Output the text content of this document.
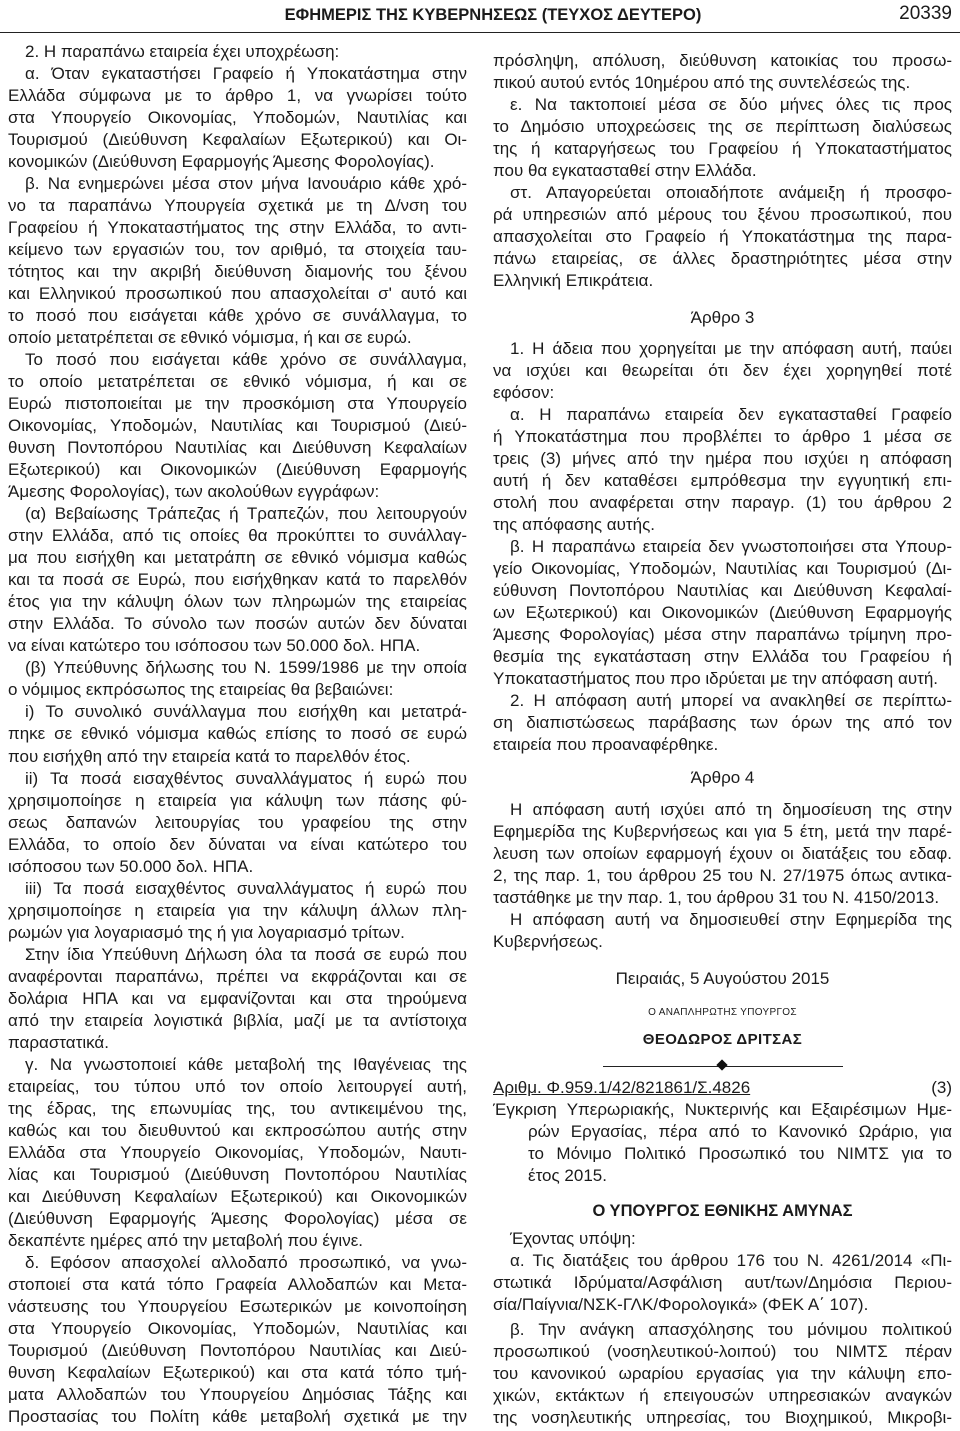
ΕΦΗΜΕΡΙΣ ΤΗΣ ΚΥΒΕΡΝΗΣΕΩΣ (ΤΕΥΧΟΣ ΔΕΥΤΕΡΟ)	20339
2. Η παραπάνω εταιρεία έχει υποχρέωση:
α. Όταν εγκαταστήσει Γραφείο ή Υποκατάστημα στην
Ελλάδα σύμφωνα με το άρθρο 1, να γνωρίσει τούτο
στα Υπουργείο Οικονομίας, Υποδομών, Ναυτιλίας και
Τουρισμού (Διεύθυνση Κεφαλαίων Εξωτερικού) και Οι-
κονομικών (Διεύθυνση Εφαρμογής Άμεσης Φορολογίας).
β. Να ενημερώνει μέσα στον μήνα Ιανουάριο κάθε χρό-
νο τα παραπάνω Υπουργεία σχετικά με τη Δ/νση του
Γραφείου ή Υποκαταστήματος της στην Ελλάδα, το αντι-
κείμενο των εργασιών του, τον αριθμό, τα στοιχεία ταυ-
τότητος και την ακριβή διεύθυνση διαμονής του ξένου
και Ελληνικού προσωπικού που απασχολείται σ' αυτό και
το ποσό που εισάγεται κάθε χρόνο σε συνάλλαγμα, το
οποίο μετατρέπεται σε εθνικό νόμισμα, ή και σε ευρώ.
Το ποσό που εισάγεται κάθε χρόνο σε συνάλλαγμα,
το οποίο μετατρέπεται σε εθνικό νόμισμα, ή και σε
Ευρώ πιστοποιείται με την προσκόμιση στα Υπουργείο
Οικονομίας, Υποδομών, Ναυτιλίας και Τουρισμού (Διεύ-
θυνση Ποντοπόρου Ναυτιλίας και Διεύθυνση Κεφαλαίων
Εξωτερικού) και Οικονομικών (Διεύθυνση Εφαρμογής
Άμεσης Φορολογίας), των ακολούθων εγγράφων:
(α) Βεβαίωσης Τράπεζας ή Τραπεζών, που λειτουργούν
στην Ελλάδα, από τις οποίες θα προκύπτει το συνάλλαγ-
μα που εισήχθη και μετατράπη σε εθνικό νόμισμα καθώς
και τα ποσά σε Ευρώ, που εισήχθηκαν κατά το παρελθόν
έτος για την κάλυψη όλων των πληρωμών της εταιρείας
στην Ελλάδα. Το σύνολο των ποσών αυτών δεν δύναται
να είναι κατώτερο του ισόποσου των 50.000 δολ. ΗΠΑ.
(β) Υπεύθυνης δήλωσης του Ν. 1599/1986 με την οποία
ο νόμιμος εκπρόσωπος της εταιρείας θα βεβαιώνει:
i) Το συνολικό συνάλλαγμα που εισήχθη και μετατρά-
πηκε σε εθνικό νόμισμα καθώς επίσης το ποσό σε ευρώ
που εισήχθη από την εταιρεία κατά το παρελθόν έτος.
ii) Τα ποσά εισαχθέντος συναλλάγματος ή ευρώ που
χρησιμοποίησε η εταιρεία για κάλυψη των πάσης φύ-
σεως δαπανών λειτουργίας του γραφείου της στην
Ελλάδα, το οποίο δεν δύναται να είναι κατώτερο του
ισόποσου των 50.000 δολ. ΗΠΑ.
iii) Τα ποσά εισαχθέντος συναλλάγματος ή ευρώ που
χρησιμοποίησε η εταιρεία για την κάλυψη άλλων πλη-
ρωμών για λογαριασμό της ή για λογαριασμό τρίτων.
Στην ίδια Υπεύθυνη Δήλωση όλα τα ποσά σε ευρώ που
αναφέρονται παραπάνω, πρέπει να εκφράζονται και σε
δολάρια ΗΠΑ και να εμφανίζονται και στα τηρούμενα
από την εταιρεία λογιστικά βιβλία, μαζί με τα αντίστοιχα
παραστατικά.
γ. Να γνωστοποιεί κάθε μεταβολή της Ιθαγένειας της
εταιρείας, του τύπου υπό τον οποίο λειτουργεί αυτή,
της έδρας, της επωνυμίας της, του αντικειμένου της,
καθώς και του διευθυντού και εκπροσώπου αυτής στην
Ελλάδα στα Υπουργείο Οικονομίας, Υποδομών, Ναυτι-
λίας και Τουρισμού (Διεύθυνση Ποντοπόρου Ναυτιλίας
και Διεύθυνση Κεφαλαίων Εξωτερικού) και Οικονομικών
(Διεύθυνση Εφαρμογής Άμεσης Φορολογίας) μέσα σε
δεκαπέντε ημέρες από την μεταβολή που έγινε.
δ. Εφόσον απασχολεί αλλοδαπό προσωπικό, να γνω-
στοποιεί στα κατά τόπο Γραφεία Αλλοδαπών και Μετα-
νάστευσης του Υπουργείου Εσωτερικών με κοινοποίηση
στα Υπουργείο Οικονομίας, Υποδομών, Ναυτιλίας και
Τουρισμού (Διεύθυνση Ποντοπόρου Ναυτιλίας και Διεύ-
θυνση Κεφαλαίων Εξωτερικού) και στα κατά τόπο τμή-
ματα Αλλοδαπών του Υπουργείου Δημόσιας Τάξης και
Προστασίας του Πολίτη κάθε μεταβολή σχετικά με την
πρόσληψη, απόλυση, διεύθυνση κατοικίας του προσω-
πικού αυτού εντός 10ημέρου από της συντελέσεώς της.
ε. Να τακτοποιεί μέσα σε δύο μήνες όλες τις προς
το Δημόσιο υποχρεώσεις της σε περίπτωση διαλύσεως
της ή καταργήσεως του Γραφείου ή Υποκαταστήματος
που θα εγκατασταθεί στην Ελλάδα.
στ. Απαγορεύεται οποιαδήποτε ανάμειξη ή προσφο-
ρά υπηρεσιών από μέρους του ξένου προσωπικού, που
απασχολείται στο Γραφείο ή Υποκατάστημα της παρα-
πάνω εταιρείας, σε άλλες δραστηριότητες μέσα στην
Ελληνική Επικράτεια.
Άρθρο 3
1. Η άδεια που χορηγείται με την απόφαση αυτή, παύει
να ισχύει και θεωρείται ότι δεν έχει χορηγηθεί ποτέ
εφόσον:
α. Η παραπάνω εταιρεία δεν εγκατασταθεί Γραφείο
ή Υποκατάστημα που προβλέπει το άρθρο 1 μέσα σε
τρεις (3) μήνες από την ημέρα που ισχύει η απόφαση
αυτή ή δεν καταθέσει εμπρόθεσμα την εγγυητική επι-
στολή που αναφέρεται στην παραγρ. (1) του άρθρου 2
της απόφασης αυτής.
β. Η παραπάνω εταιρεία δεν γνωστοποιήσει στα Υπουρ-
γείο Οικονομίας, Υποδομών, Ναυτιλίας και Τουρισμού (Δι-
εύθυνση Ποντοπόρου Ναυτιλίας και Διεύθυνση Κεφαλαί-
ων Εξωτερικού) και Οικονομικών (Διεύθυνση Εφαρμογής
Άμεσης Φορολογίας) μέσα στην παραπάνω τρίμηνη προ-
θεσμία της εγκατάσταση στην Ελλάδα του Γραφείου ή
Υποκαταστήματος που προ ιδρύεται με την απόφαση αυτή.
2. Η απόφαση αυτή μπορεί να ανακληθεί σε περίπτω-
ση διαπιστώσεως παράβασης των όρων της από τον
εταιρεία που προαναφέρθηκε.
Άρθρο 4
Η απόφαση αυτή ισχύει από τη δημοσίευση της στην
Εφημερίδα της Κυβερνήσεως και για 5 έτη, μετά την παρέ-
λευση των οποίων εφαρμογή έχουν οι διατάξεις του εδαφ.
2, της παρ. 1, του άρθρου 25 του Ν. 27/1975 όπως αντικα-
ταστάθηκε με την παρ. 1, του άρθρου 31 του Ν. 4150/2013.
Η απόφαση αυτή να δημοσιευθεί στην Εφημερίδα της
Κυβερνήσεως.
Πειραιάς, 5 Αυγούστου 2015
Ο ΑΝΑΠΛΗΡΩΤΗΣ ΥΠΟΥΡΓΟΣ
ΘΕΟΔΩΡΟΣ ΔΡΙΤΣΑΣ
Αριθμ. Φ.959.1/42/821861/Σ.4826	(3)
Έγκριση Υπερωριακής, Νυκτερινής και Εξαιρέσιμων Ημε-
ρών Εργασίας, πέρα από το Κανονικό Ωράριο, για
το Μόνιμο Πολιτικό Προσωπικό του ΝΙΜΤΣ για το
έτος 2015.
Ο ΥΠΟΥΡΓΟΣ ΕΘΝΙΚΗΣ ΑΜΥΝΑΣ
Έχοντας υπόψη:
α. Τις διατάξεις του άρθρου 176 του Ν. 4261/2014 «Πι-
στωτικά Ιδρύματα/Ασφάλιση αυτ/των/Δημόσια Περιου-
σία/Παίγνια/ΝΣΚ-ΓΛΚ/Φορολογικά» (ΦΕΚ Α΄ 107).
β. Την ανάγκη απασχόλησης του μόνιμου πολιτικού
προσωπικού (νοσηλευτικού-λοιπού) του ΝΙΜΤΣ πέραν
του κανονικού ωραρίου εργασίας για την κάλυψη επο-
χικών, εκτάκτων ή επειγουσών υπηρεσιακών αναγκών
της νοσηλευτικής υπηρεσίας, του Βιοχημικού, Μικροβι-
